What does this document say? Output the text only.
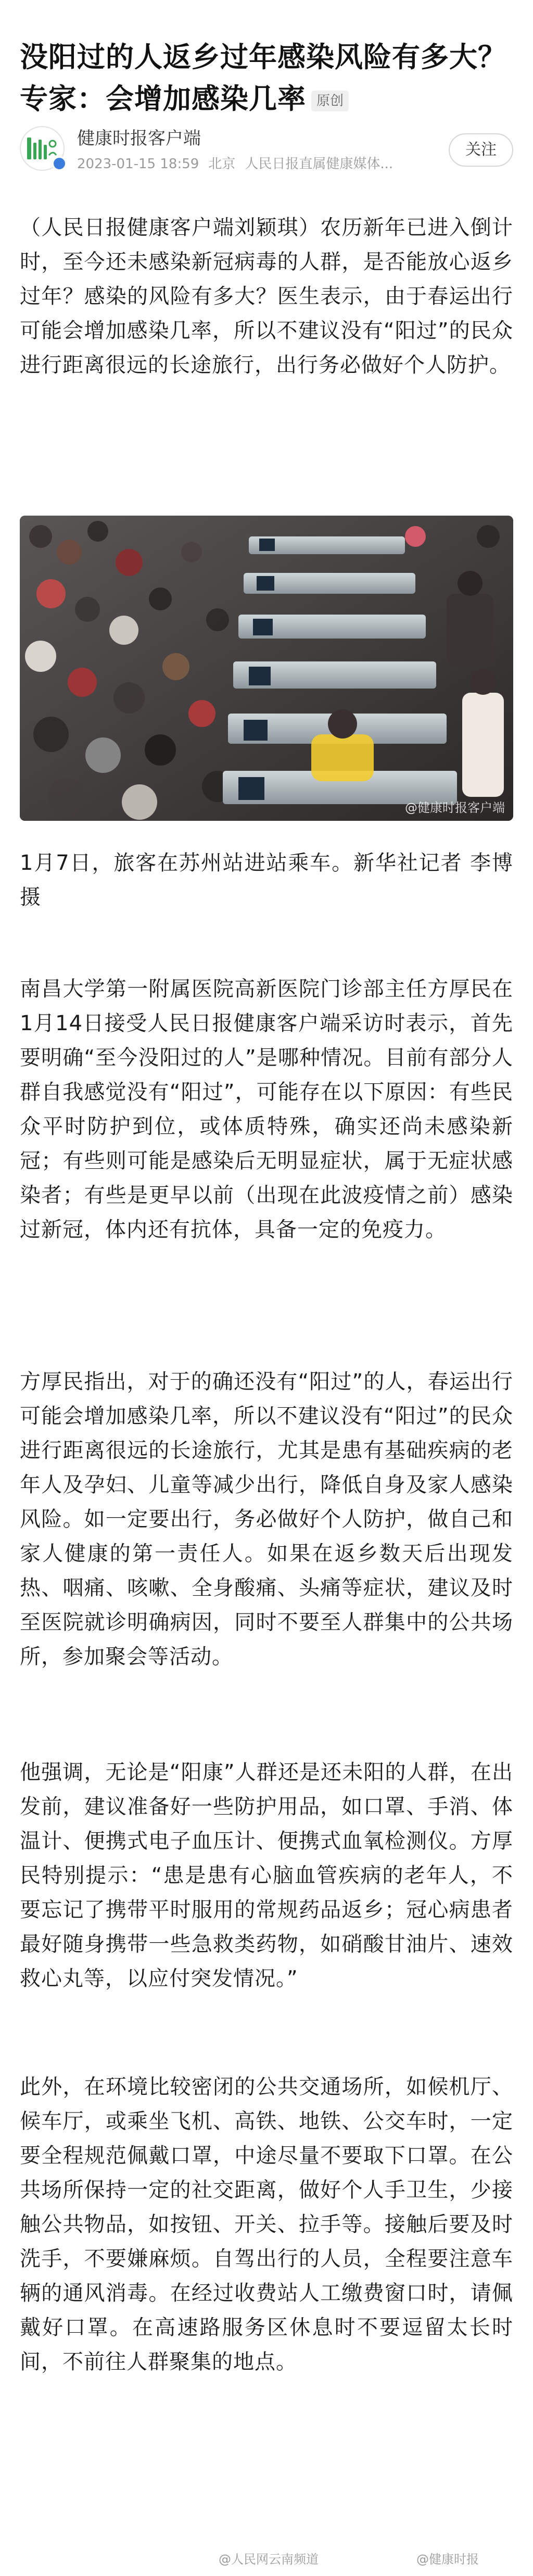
没阳过的人返乡过年感染风险有多大？专家：会增加感染几率 原创
健康时报客户端
2023-01-15 18:59 北京 人民日报直属健康媒体...
关注

（人民日报健康客户端刘颖琪）农历新年已进入倒计时，至今还未感染新冠病毒的人群，是否能放心返乡过年？感染的风险有多大？医生表示，由于春运出行可能会增加感染几率，所以不建议没有“阳过”的民众进行距离很远的长途旅行，出行务必做好个人防护。

@健康时报客户端

1月7日，旅客在苏州站进站乘车。新华社记者 李博 摄

南昌大学第一附属医院高新医院门诊部主任方厚民在1月14日接受人民日报健康客户端采访时表示，首先要明确“至今没阳过的人”是哪种情况。目前有部分人群自我感觉没有“阳过”，可能存在以下原因：有些民众平时防护到位，或体质特殊，确实还尚未感染新冠；有些则可能是感染后无明显症状，属于无症状感染者；有些是更早以前（出现在此波疫情之前）感染过新冠，体内还有抗体，具备一定的免疫力。

方厚民指出，对于的确还没有“阳过”的人，春运出行可能会增加感染几率，所以不建议没有“阳过”的民众进行距离很远的长途旅行，尤其是患有基础疾病的老年人及孕妇、儿童等减少出行，降低自身及家人感染风险。如一定要出行，务必做好个人防护，做自己和家人健康的第一责任人。如果在返乡数天后出现发热、咽痛、咳嗽、全身酸痛、头痛等症状，建议及时至医院就诊明确病因，同时不要至人群集中的公共场所，参加聚会等活动。

他强调，无论是“阳康”人群还是还未阳的人群，在出发前，建议准备好一些防护用品，如口罩、手消、体温计、便携式电子血压计、便携式血氧检测仪。方厚民特别提示：“患是患有心脑血管疾病的老年人，不要忘记了携带平时服用的常规药品返乡；冠心病患者最好随身携带一些急救类药物，如硝酸甘油片、速效救心丸等，以应付突发情况。”

此外，在环境比较密闭的公共交通场所，如候机厅、候车厅，或乘坐飞机、高铁、地铁、公交车时，一定要全程规范佩戴口罩，中途尽量不要取下口罩。在公共场所保持一定的社交距离，做好个人手卫生，少接触公共物品，如按钮、开关、拉手等。接触后要及时洗手，不要嫌麻烦。自驾出行的人员，全程要注意车辆的通风消毒。在经过收费站人工缴费窗口时，请佩戴好口罩。在高速路服务区休息时不要逗留太长时间，不前往人群聚集的地点。

@人民网云南频道	@健康时报
